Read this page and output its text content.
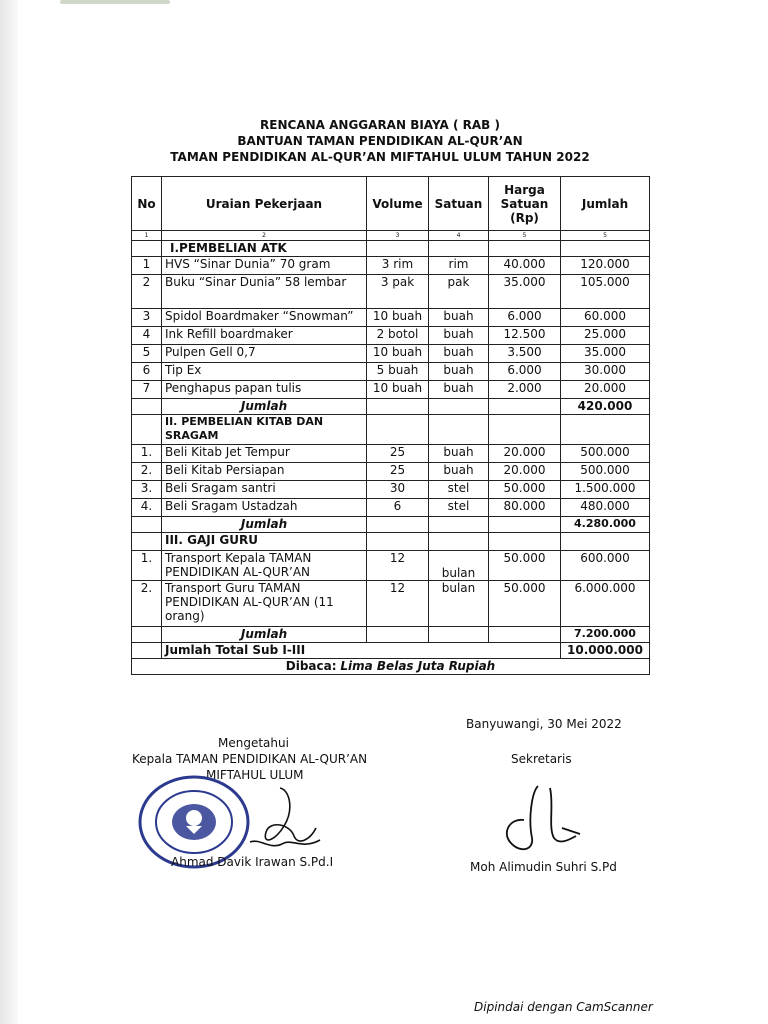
RENCANA ANGGARAN BIAYA ( RAB )
BANTUAN TAMAN PENDIDIKAN AL-QUR’AN
TAMAN PENDIDIKAN AL-QUR’AN MIFTAHUL ULUM TAHUN 2022
No	Uraian Pekerjaan	Volume	Satuan	Harga Satuan (Rp)	Jumlah
1	2	3	4	5	5
	I.PEMBELIAN ATK				
1	HVS “Sinar Dunia” 70 gram	3 rim	rim	40.000	120.000
2	Buku “Sinar Dunia” 58 lembar	3 pak	pak	35.000	105.000
3	Spidol Boardmaker “Snowman”	10 buah	buah	6.000	60.000
4	Ink Refill boardmaker	2 botol	buah	12.500	25.000
5	Pulpen Gell 0,7	10 buah	buah	3.500	35.000
6	Tip Ex	5 buah	buah	6.000	30.000
7	Penghapus papan tulis	10 buah	buah	2.000	20.000
	Jumlah				420.000
	II. PEMBELIAN KITAB DAN SRAGAM				
1.	Beli Kitab Jet Tempur	25	buah	20.000	500.000
2.	Beli Kitab Persiapan	25	buah	20.000	500.000
3.	Beli Sragam santri	30	stel	50.000	1.500.000
4.	Beli Sragam Ustadzah	6	stel	80.000	480.000
	Jumlah				4.280.000
	III. GAJI GURU				
1.	Transport Kepala TAMAN PENDIDIKAN AL-QUR’AN	12	bulan	50.000	600.000
2.	Transport Guru TAMAN PENDIDIKAN AL-QUR’AN (11 orang)	12	bulan	50.000	6.000.000
	Jumlah				7.200.000
	Jumlah Total Sub I-III				10.000.000
Dibaca: Lima Belas Juta Rupiah					
Banyuwangi, 30 Mei 2022
Mengetahui
Kepala TAMAN PENDIDIKAN AL-QUR’AN
MIFTAHUL ULUM
Sekretaris
Ahmad Davik Irawan S.Pd.I	Moh Alimudin Suhri S.Pd
Dipindai dengan CamScanner
